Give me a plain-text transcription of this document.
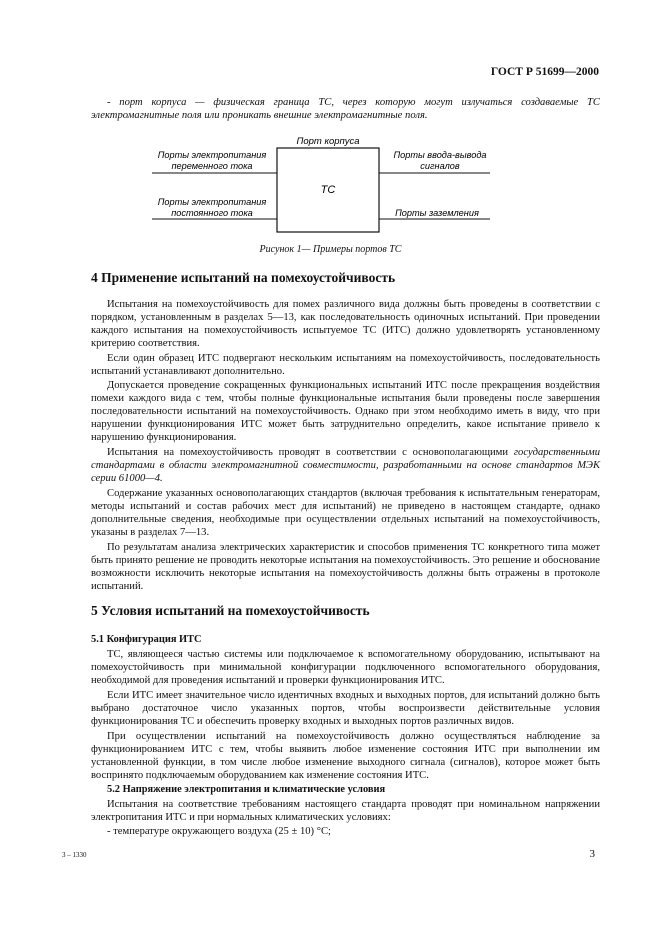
ГОСТ Р 51699—2000

- порт корпуса — физическая граница ТС, через которую могут излучаться создаваемые ТС электромагнитные поля или проникать внешние электромагнитные поля.

Порт корпуса
ТС
Порты электропитания
переменного тока
Порты электропитания
постоянного тока
Порты ввода-вывода
сигналов
Порты заземления
Рисунок 1— Примеры портов ТС
4 Применение испытаний на помехоустойчивость

Испытания на помехоустойчивость для помех различного вида должны быть проведены в соответствии с порядком, установленным в разделах 5—13, как последовательность одиночных испытаний. При проведении каждого испытания на помехоустойчивость испытуемое ТС (ИТС) должно удовлетворять установленному критерию соответствия.

Если один образец ИТС подвергают нескольким испытаниям на помехоустойчивость, последовательность испытаний устанавливают дополнительно.

Допускается проведение сокращенных функциональных испытаний ИТС после прекращения воздействия помехи каждого вида с тем, чтобы полные функциональные испытания были проведены после завершения последовательности испытаний на помехоустойчивость. Однако при этом необходимо иметь в виду, что при нарушении функционирования ИТС может быть затруднительно определить, какое испытание привело к нарушению функционирования.

Испытания на помехоустойчивость проводят в соответствии с основополагающими государственными стандартами в области электромагнитной совместимости, разработанными на основе стандартов МЭК серии 61000—4.

Содержание указанных основополагающих стандартов (включая требования к испытательным генераторам, методы испытаний и состав рабочих мест для испытаний) не приведено в настоящем стандарте, однако дополнительные сведения, необходимые при осуществлении отдельных испытаний на помехоустойчивость, указаны в разделах 7—13.

По результатам анализа электрических характеристик и способов применения ТС конкретного типа может быть принято решение не проводить некоторые испытания на помехоустойчивость. Это решение и обоснование возможности исключить некоторые испытания на помехоустойчивость должны быть отражены в протоколе испытаний.

5 Условия испытаний на помехоустойчивость
5.1 Конфигурация ИТС

ТС, являющееся частью системы или подключаемое к вспомогательному оборудованию, испытывают на помехоустойчивость при минимальной конфигурации подключенного вспомогательного оборудования, необходимой для проведения испытаний и проверки функционирования ИТС.

Если ИТС имеет значительное число идентичных входных и выходных портов, для испытаний должно быть выбрано достаточное число указанных портов, чтобы воспроизвести действительные условия функционирования ТС и обеспечить проверку входных и выходных портов различных видов.

При осуществлении испытаний на помехоустойчивость должно осуществляться наблюдение за функционированием ИТС с тем, чтобы выявить любое изменение состояния ИТС при выполнении им установленной функции, в том числе любое изменение выходного сигнала (сигналов), которое может быть воспринято подключаемым оборудованием как изменение состояния ИТС.

5.2 Напряжение электропитания и климатические условия

Испытания на соответствие требованиям настоящего стандарта проводят при номинальном напряжении электропитания ИТС и при нормальных климатических условиях:

- температуре окружающего воздуха (25 ± 10) °С;

3 – 1330	3
